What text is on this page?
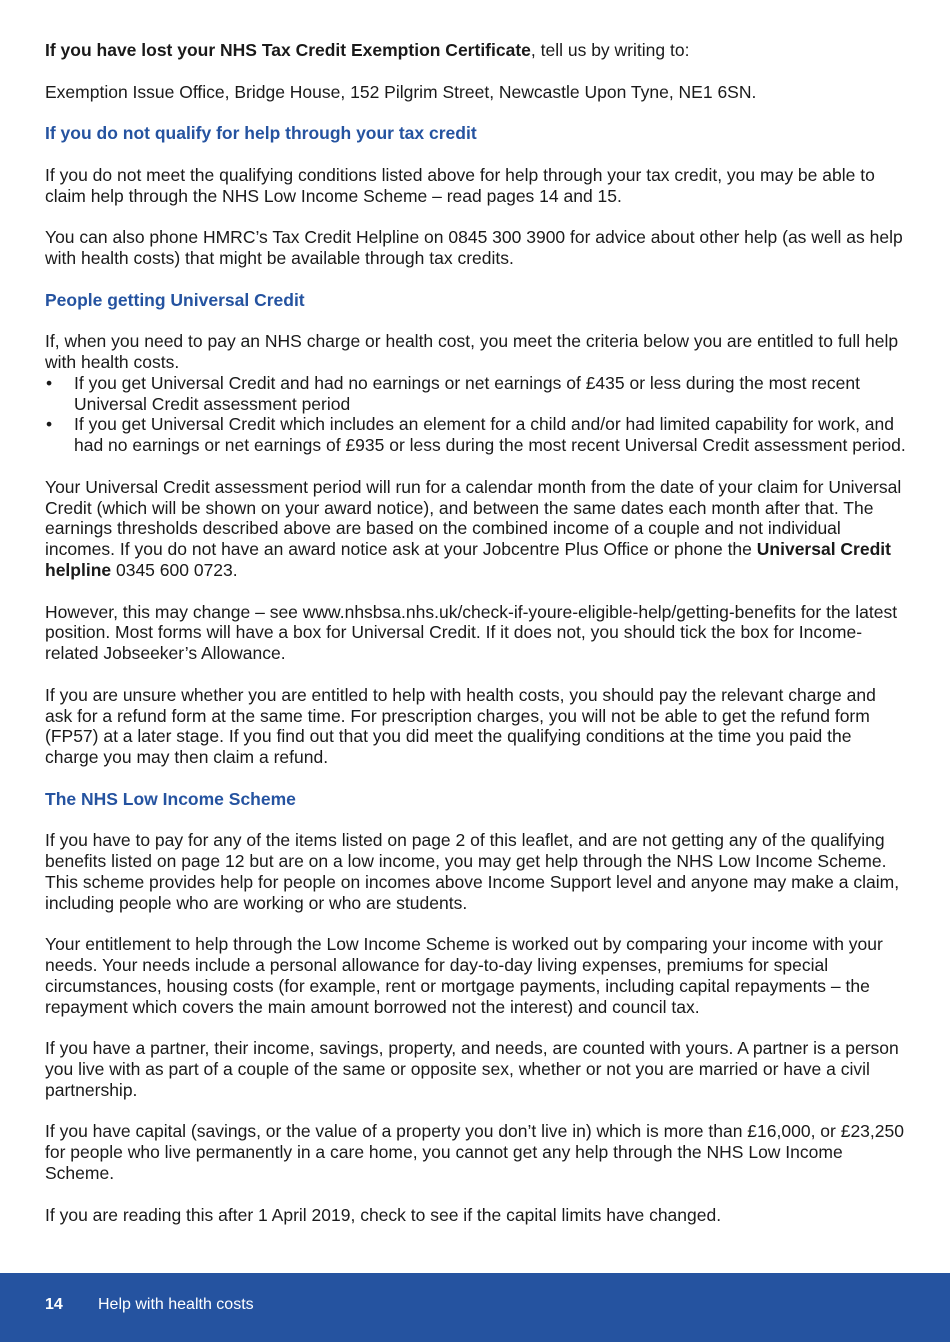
If you have lost your NHS Tax Credit Exemption Certificate, tell us by writing to:

Exemption Issue Office, Bridge House, 152 Pilgrim Street, Newcastle Upon Tyne, NE1 6SN.

If you do not qualify for help through your tax credit

If you do not meet the qualifying conditions listed above for help through your tax credit, you may be able to claim help through the NHS Low Income Scheme – read pages 14 and 15.

You can also phone HMRC’s Tax Credit Helpline on 0845 300 3900 for advice about other help (as well as help with health costs) that might be available through tax credits.

People getting Universal Credit

If, when you need to pay an NHS charge or health cost, you meet the criteria below you are entitled to full help with health costs.

• If you get Universal Credit and had no earnings or net earnings of £435 or less during the most recent Universal Credit assessment period
• If you get Universal Credit which includes an element for a child and/or had limited capability for work, and had no earnings or net earnings of £935 or less during the most recent Universal Credit assessment period.

Your Universal Credit assessment period will run for a calendar month from the date of your claim for Universal Credit (which will be shown on your award notice), and between the same dates each month after that. The earnings thresholds described above are based on the combined income of a couple and not individual incomes. If you do not have an award notice ask at your Jobcentre Plus Office or phone the Universal Credit helpline 0345 600 0723.

However, this may change – see www.nhsbsa.nhs.uk/check-if-youre-eligible-help/getting-benefits for the latest position. Most forms will have a box for Universal Credit. If it does not, you should tick the box for Income-related Jobseeker’s Allowance.

If you are unsure whether you are entitled to help with health costs, you should pay the relevant charge and ask for a refund form at the same time. For prescription charges, you will not be able to get the refund form (FP57) at a later stage. If you find out that you did meet the qualifying conditions at the time you paid the charge you may then claim a refund.

The NHS Low Income Scheme

If you have to pay for any of the items listed on page 2 of this leaflet, and are not getting any of the qualifying benefits listed on page 12 but are on a low income, you may get help through the NHS Low Income Scheme. This scheme provides help for people on incomes above Income Support level and anyone may make a claim, including people who are working or who are students.

Your entitlement to help through the Low Income Scheme is worked out by comparing your income with your needs. Your needs include a personal allowance for day-to-day living expenses, premiums for special circumstances, housing costs (for example, rent or mortgage payments, including capital repayments – the repayment which covers the main amount borrowed not the interest) and council tax.

If you have a partner, their income, savings, property, and needs, are counted with yours. A partner is a person you live with as part of a couple of the same or opposite sex, whether or not you are married or have a civil partnership.

If you have capital (savings, or the value of a property you don’t live in) which is more than £16,000, or £23,250 for people who live permanently in a care home, you cannot get any help through the NHS Low Income Scheme.

If you are reading this after 1 April 2019, check to see if the capital limits have changed.

14 Help with health costs
